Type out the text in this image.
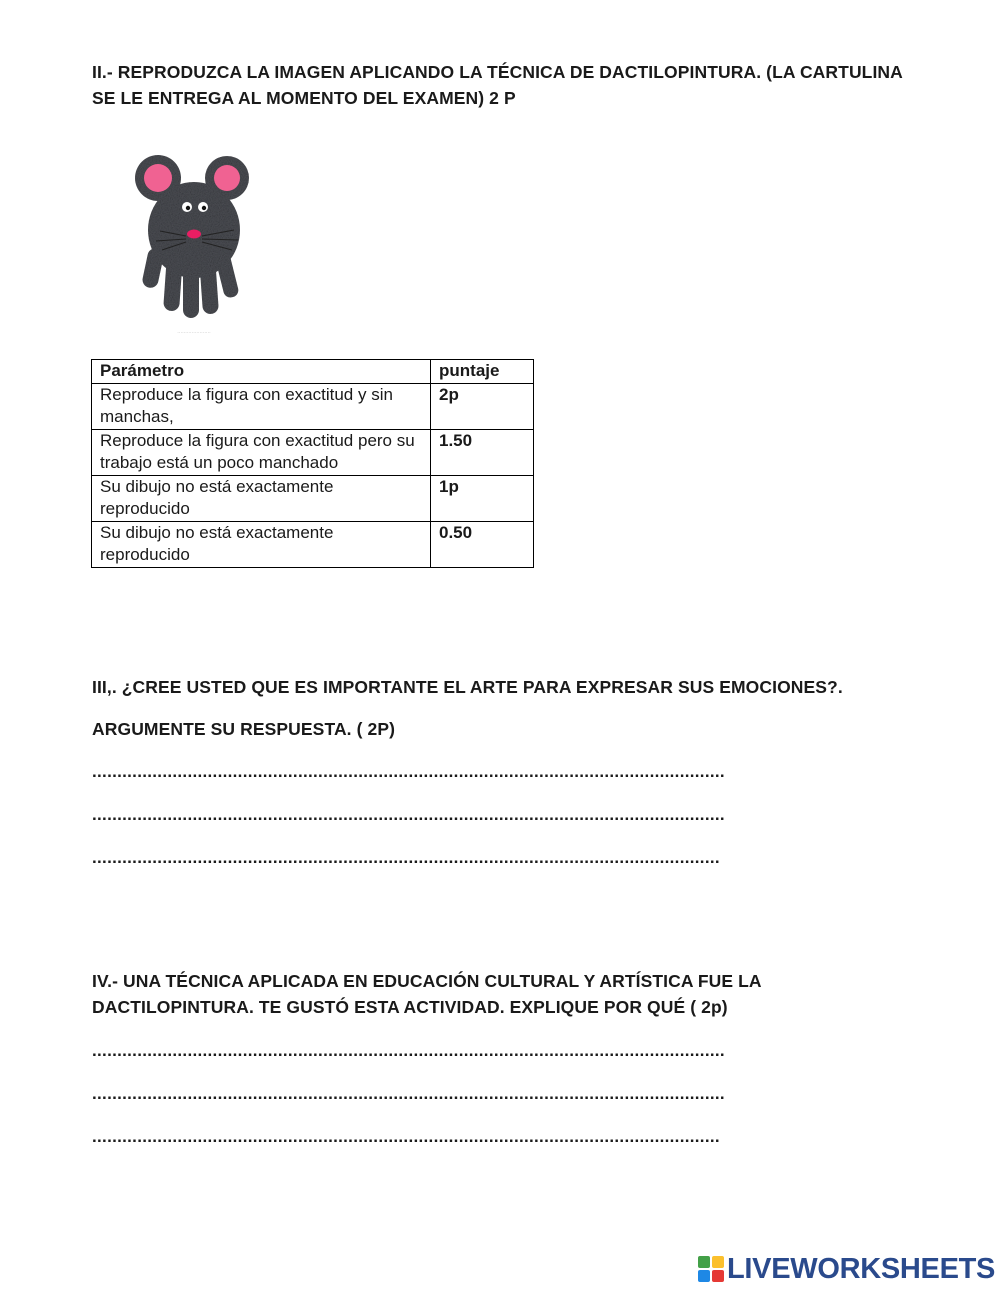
II.- REPRODUZCA LA IMAGEN APLICANDO LA TÉCNICA DE DACTILOPINTURA. (LA CARTULINA SE LE ENTREGA AL MOMENTO DEL EXAMEN) 2 P
·····················
Parámetro	puntaje
Reproduce la figura con exactitud y sin manchas,	2p
Reproduce la figura con exactitud pero su trabajo está un poco manchado	1.50
Su dibujo no está exactamente reproducido	1p
Su dibujo no está exactamente reproducido	0.50
III,. ¿CREE USTED QUE ES IMPORTANTE EL ARTE PARA EXPRESAR SUS EMOCIONES?.
ARGUMENTE SU RESPUESTA. ( 2P)
..............................................................................................................................
..............................................................................................................................
.............................................................................................................................
IV.- UNA TÉCNICA APLICADA EN EDUCACIÓN CULTURAL Y ARTÍSTICA FUE LA DACTILOPINTURA. TE GUSTÓ ESTA ACTIVIDAD. EXPLIQUE POR QUÉ ( 2p)
..............................................................................................................................
..............................................................................................................................
.............................................................................................................................
LIVEWORKSHEETS
